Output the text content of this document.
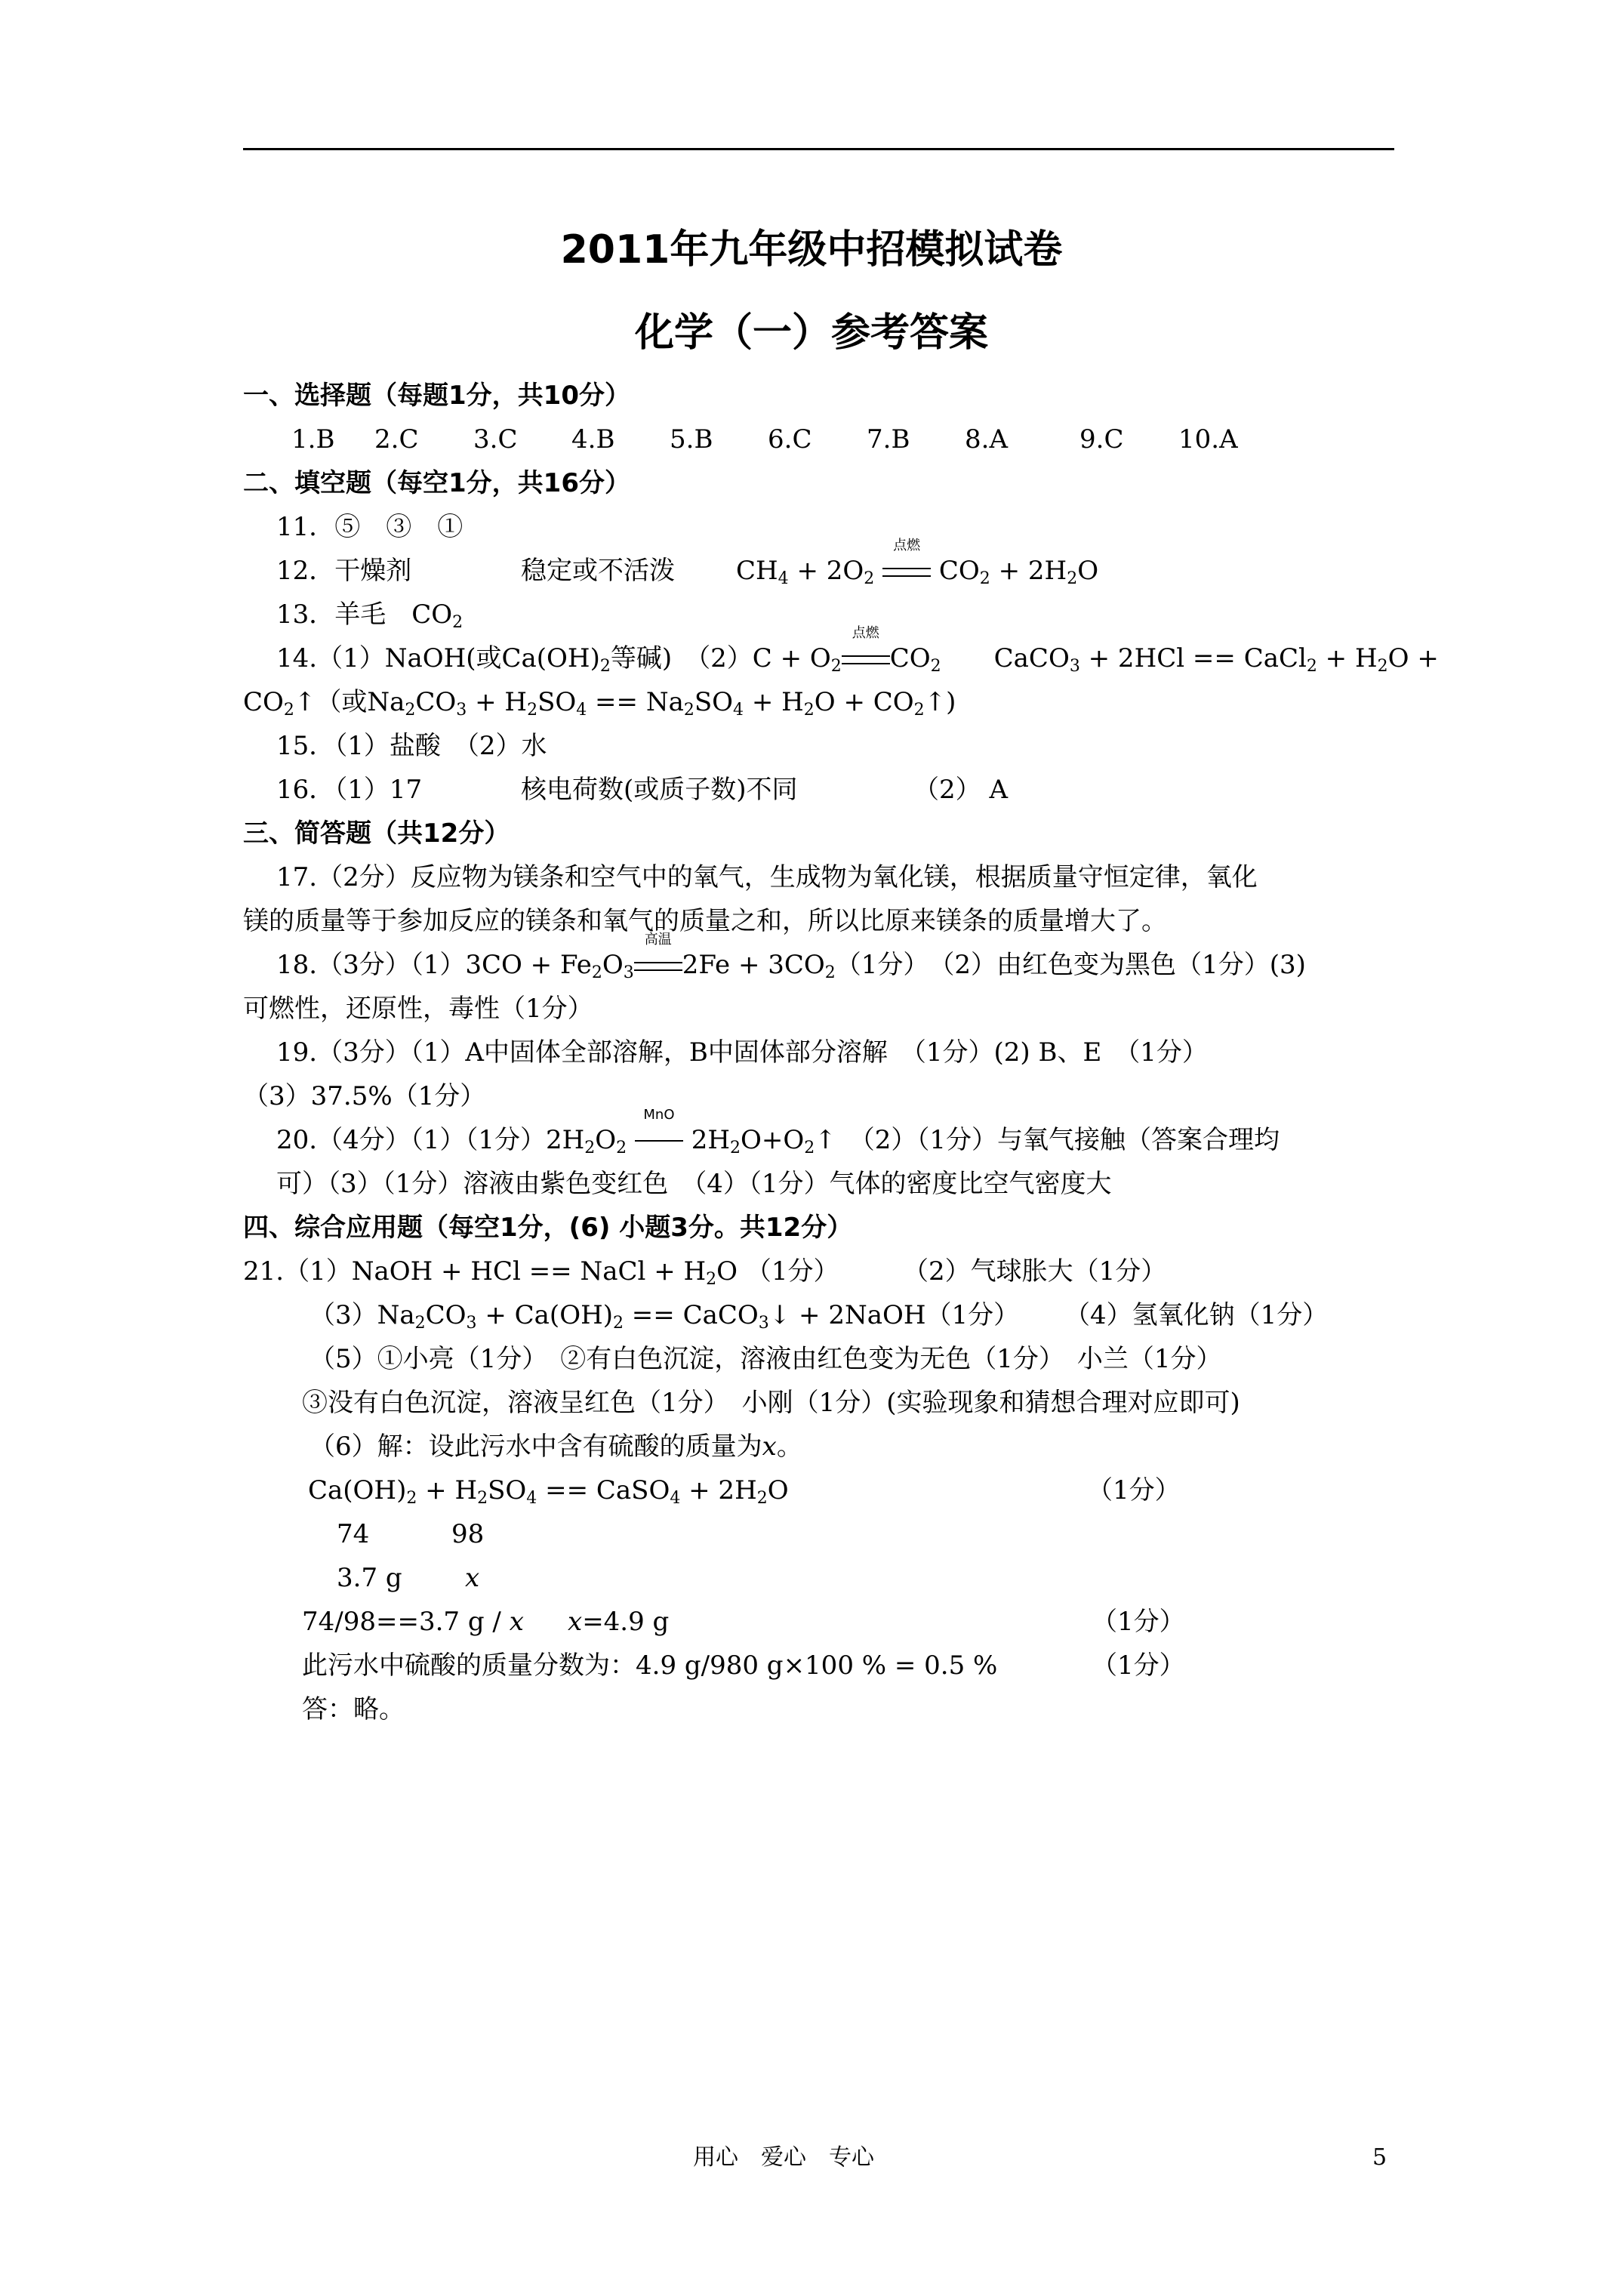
2011年九年级中招模拟试卷
化学（一）参考答案
一、选择题（每题1分，共10分）
1.B 2.C 3.C 4.B 5.B 6.C 7.B 8.A	9.C 10.A
二、填空题（每空1分，共16分）
11．⑤　③　①
12．干燥剂	稳定或不活泼 $CH_4 + 2O_2$
点燃
$CO_2 + 2H_2O$
13．羊毛　$CO_2$
14.（1）NaOH(或$Ca(OH)_2$等碱)　$(2)C + O_2$
点燃
$CO_2$　CaCO$_3$ + 2HCl == CaCl$_2$ + $H_2O$ +
$CO_2↑$（或$Na_2CO_3 + H_2SO_4 == Na_2SO_4 + H_2O$ + $CO_2↑$)
15．（1）盐酸　（2）水
16．（1）17	核电荷数(或质子数)不同	（2） A
三、简答题（共12分）
17.（2分）反应物为镁条和空气中的氧气，生成物为氧化镁，根据质量守恒定律，氧化
镁的质量等于参加反应的镁条和氧气的质量之和，所以比原来镁条的质量增大了。
18.（3分）$(1)3CO + Fe_2O_3$
高温
$2Fe + 3CO_2(1$分）　（2）由红色变为黑色（1分）(3)
可燃性，还原性，毒性（1分）
19.（3分）（1）A中固体全部溶解，B中固体部分溶解　（1分）(2) B、E　（1分）
（3）37.5%（1分）
20.（4分）（1）（1分）$2H_2O_2$
MnO
$2H_2O+O_2↑$　（2）（1分）与氧气接触（答案合理均
可）（3）（1分）溶液由紫色变红色　（4）（1分）气体的密度比空气密度大
四、综合应用题（每空1分，(6) 小题3分。共12分）
21.（1）NaOH + HCl == NaCl + $H_2O$ （1分） （2）气球胀大（1分）
$(3)Na_2CO_3 + Ca(OH)_2$ == CaCO$_3$↓ + 2NaOH（1分） （4）氢氧化钠（1分）
（5）①小亮（1分）　②有白色沉淀，溶液由红色变为无色（1分）　小兰（1分）
③没有白色沉淀，溶液呈红色（1分）　小刚（1分）(实验现象和猜想合理对应即可)
（6）解：设此污水中含有硫酸的质量为x。
$Ca(OH)_2 + H_2SO_4$ == CaSO$_4$ + $2H_2O$	（1分）
74	98
3.7 g x
74/98==3.7 g / x x=4.9 g	（1分）
此污水中硫酸的质量分数为：4.9 g/980 g×100 % = 0.5 %	（1分）
答：略。
用心　爱心　专心	5
